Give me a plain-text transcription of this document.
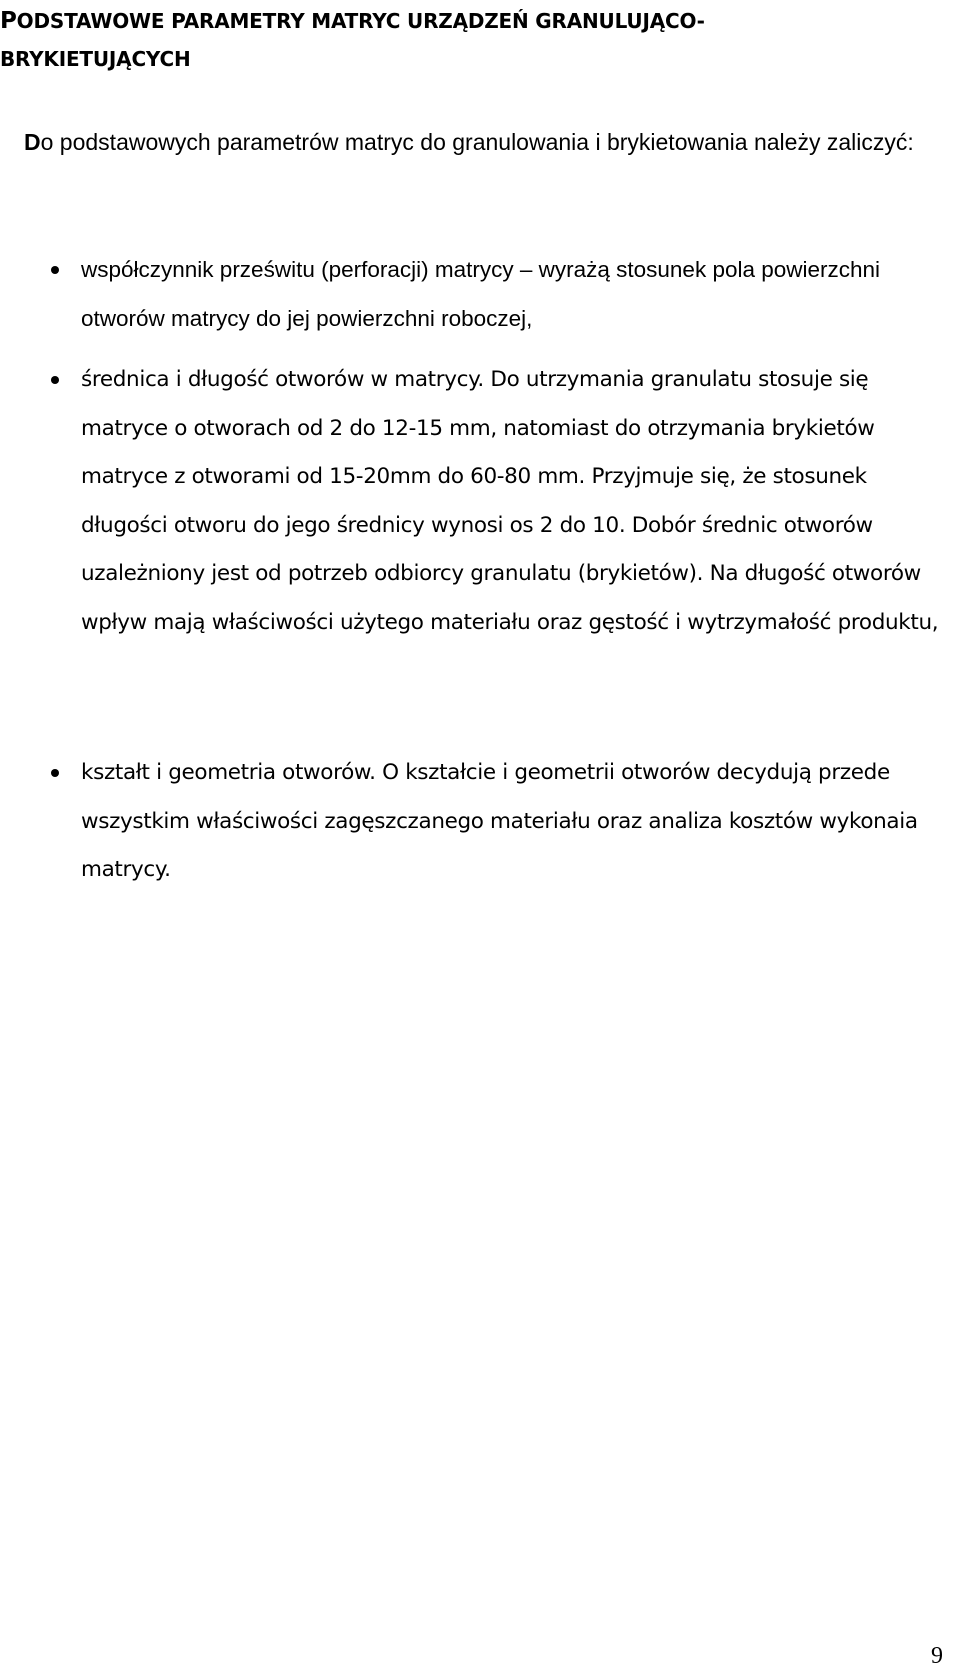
PODSTAWOWE PARAMETRY MATRYC URZĄDZEŃ GRANULUJĄCO-
BRYKIETUJĄCYCH
Do podstawowych parametrów matryc do granulowania i brykietowania należy zaliczyć:
współczynnik prześwitu (perforacji) matrycy – wyrażą stosunek pola powierzchni otworów matrycy do jej powierzchni roboczej,
średnica i długość otworów w matrycy. Do utrzymania granulatu stosuje się matryce o otworach od 2 do 12-15 mm, natomiast do otrzymania brykietów matryce z otworami od 15-20mm do 60-80 mm. Przyjmuje się, że stosunek długości otworu do jego średnicy wynosi os 2 do 10. Dobór średnic otworów uzależniony jest od potrzeb odbiorcy granulatu (brykietów). Na długość otworów wpływ mają właściwości użytego materiału oraz gęstość i wytrzymałość produktu,
kształt i geometria otworów. O kształcie i geometrii otworów decydują przede wszystkim właściwości zagęszczanego materiału oraz analiza kosztów wykonaia matrycy.
9
